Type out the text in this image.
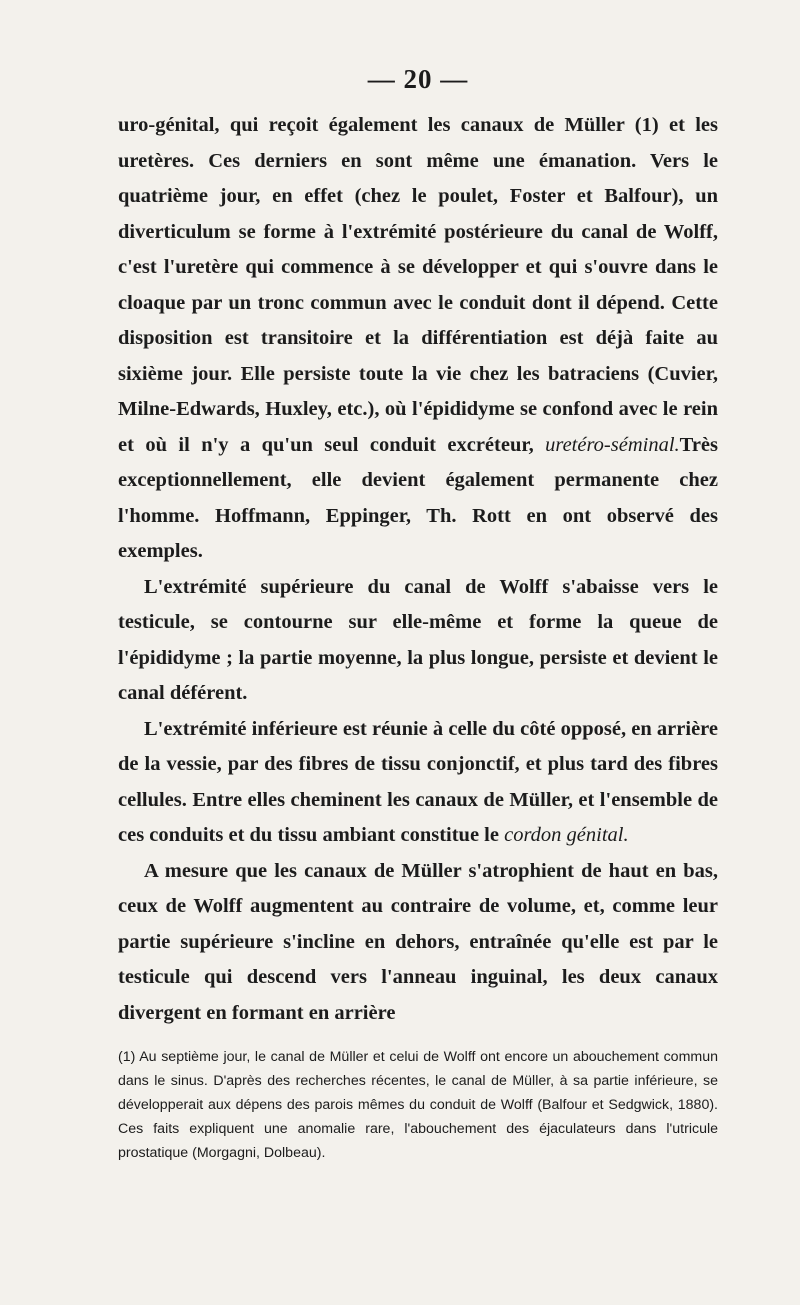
— 20 —

uro-génital, qui reçoit également les canaux de Müller (1) et les uretères. Ces derniers en sont même une émanation. Vers le quatrième jour, en effet (chez le poulet, Foster et Balfour), un diverticulum se forme à l'extrémité postérieure du canal de Wolff, c'est l'uretère qui commence à se développer et qui s'ouvre dans le cloaque par un tronc commun avec le conduit dont il dépend. Cette disposition est transitoire et la différentiation est déjà faite au sixième jour. Elle persiste toute la vie chez les batraciens (Cuvier, Milne-Edwards, Huxley, etc.), où l'épididyme se confond avec le rein et où il n'y a qu'un seul conduit excréteur, uretéro-séminal.Très exceptionnellement, elle devient également permanente chez l'homme. Hoffmann, Eppinger, Th. Rott en ont observé des exemples.

L'extrémité supérieure du canal de Wolff s'abaisse vers le testicule, se contourne sur elle-même et forme la queue de l'épididyme ; la partie moyenne, la plus longue, persiste et devient le canal déférent.

L'extrémité inférieure est réunie à celle du côté opposé, en arrière de la vessie, par des fibres de tissu conjonctif, et plus tard des fibres cellules. Entre elles cheminent les canaux de Müller, et l'ensemble de ces conduits et du tissu ambiant constitue le cordon génital.

A mesure que les canaux de Müller s'atrophient de haut en bas, ceux de Wolff augmentent au contraire de volume, et, comme leur partie supérieure s'incline en dehors, entraînée qu'elle est par le testicule qui descend vers l'anneau inguinal, les deux canaux divergent en formant en arrière

(1) Au septième jour, le canal de Müller et celui de Wolff ont encore un abouchement commun dans le sinus. D'après des recherches récentes, le canal de Müller, à sa partie inférieure, se développerait aux dépens des parois mêmes du conduit de Wolff (Balfour et Sedgwick, 1880). Ces faits expliquent une anomalie rare, l'abouchement des éjaculateurs dans l'utricule prostatique (Morgagni, Dolbeau).
